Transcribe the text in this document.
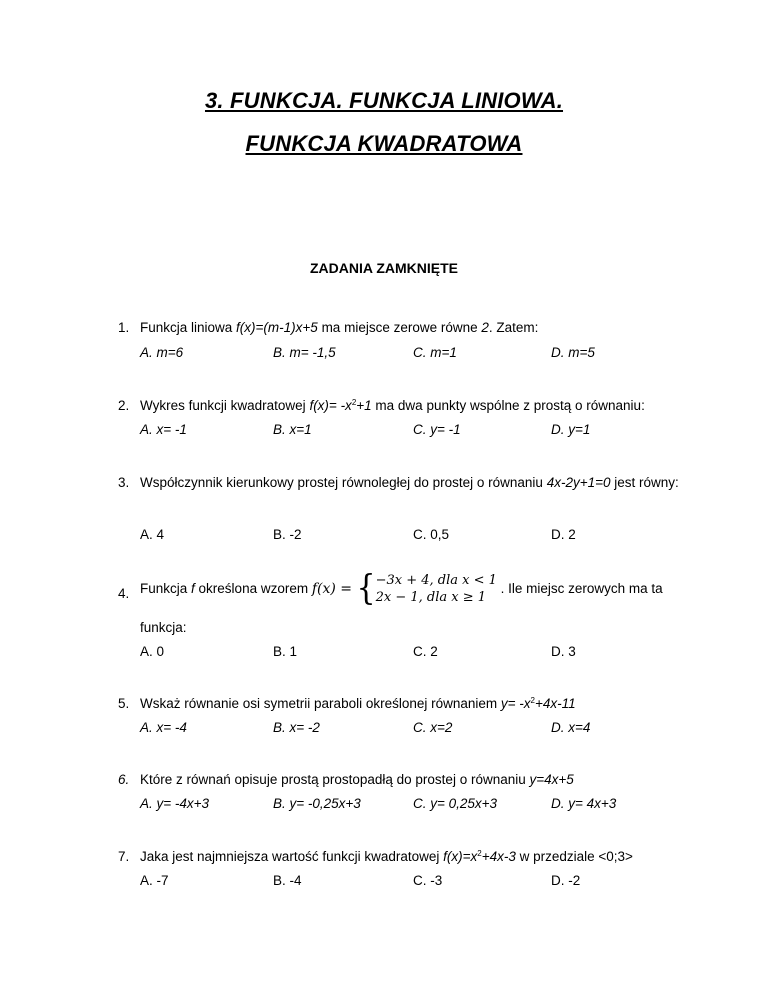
3. FUNKCJA. FUNKCJA LINIOWA.
FUNKCJA KWADRATOWA
ZADANIA ZAMKNIĘTE
1. Funkcja liniowa f(x)=(m-1)x+5 ma miejsce zerowe równe 2. Zatem:
A. m=6	B. m= -1,5	C. m=1	D. m=5
2. Wykres funkcji kwadratowej $f(x)= -x^2+1$ ma dwa punkty wspólne z prostą o równaniu:
A. x= -1	B. x=1	C. y= -1	D. y=1
3. Współczynnik kierunkowy prostej równoległej do prostej o równaniu 4x-2y+1=0 jest równy:
A. 4	B. -2	C. 0,5	D. 2
4. Funkcja f określona wzorem f(x) = { −3x + 4, dla x < 1
2x − 1, dla x ≥ 1
. Ile miejsc zerowych ma ta
funkcja:
A. 0	B. 1	C. 2	D. 3
5. Wskaż równanie osi symetrii paraboli określonej równaniem $y= -x^2+4x-11$
A. x= -4	B. x= -2	C. x=2	D. x=4
6. Które z równań opisuje prostą prostopadłą do prostej o równaniu y=4x+5
A. y= -4x+3	B. y= -0,25x+3	C. y= 0,25x+3	D. y= 4x+3
7. Jaka jest najmniejsza wartość funkcji kwadratowej $f(x)=x^2+4x-3$ w przedziale <0;3>
A. -7	B. -4	C. -3	D. -2
